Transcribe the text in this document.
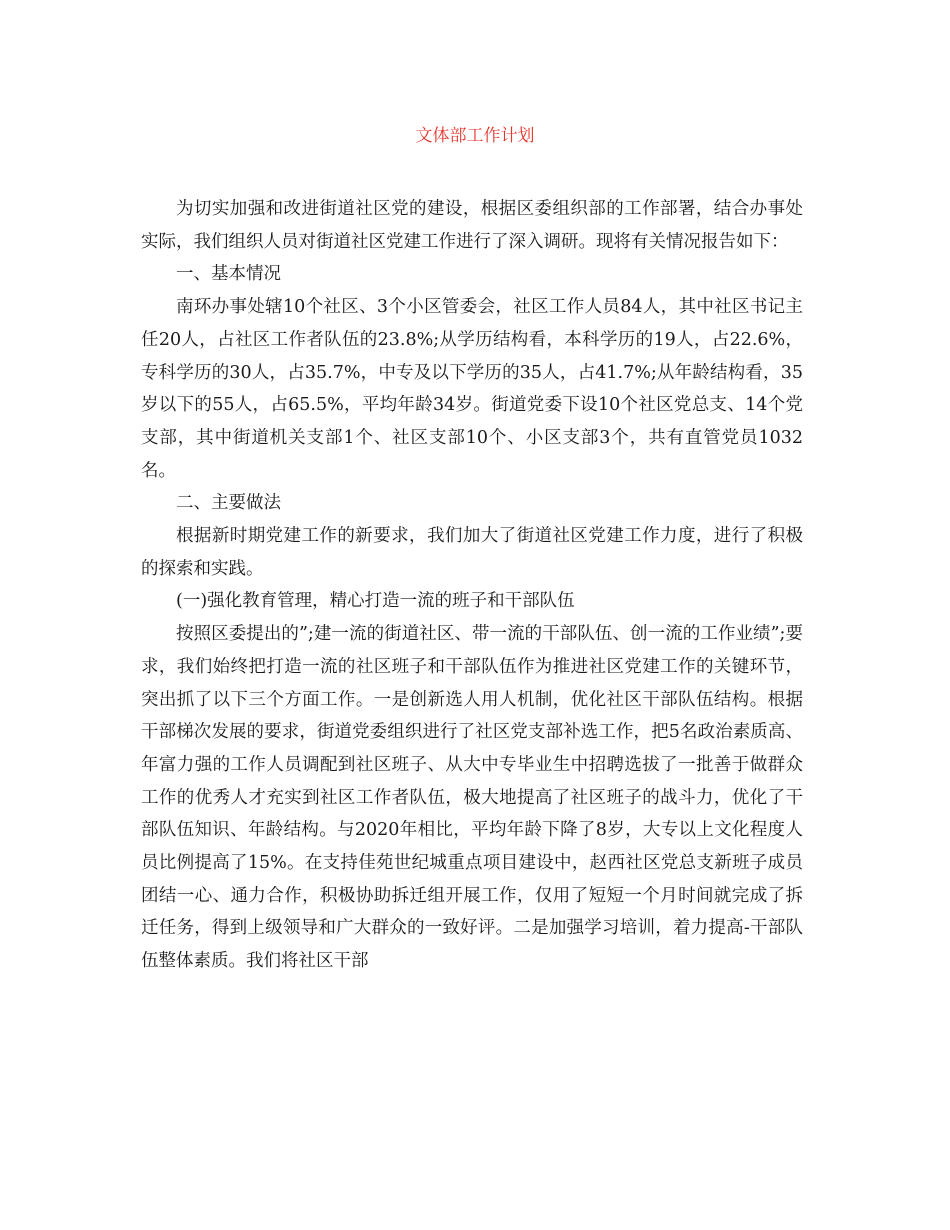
文体部工作计划

为切实加强和改进街道社区党的建设，根据区委组织部的工作部署，结合办事处实际，我们组织人员对街道社区党建工作进行了深入调研。现将有关情况报告如下：

一、基本情况

南环办事处辖10个社区、3个小区管委会，社区工作人员84人，其中社区书记主任20人，占社区工作者队伍的23.8%;从学历结构看，本科学历的19人，占22.6%，专科学历的30人，占35.7%，中专及以下学历的35人，占41.7%;从年龄结构看，35岁以下的55人，占65.5%，平均年龄34岁。街道党委下设10个社区党总支、14个党支部，其中街道机关支部1个、社区支部10个、小区支部3个，共有直管党员1032名。

二、主要做法

根据新时期党建工作的新要求，我们加大了街道社区党建工作力度，进行了积极的探索和实践。

(一)强化教育管理，精心打造一流的班子和干部队伍

按照区委提出的”;建一流的街道社区、带一流的干部队伍、创一流的工作业绩”;要求，我们始终把打造一流的社区班子和干部队伍作为推进社区党建工作的关键环节，突出抓了以下三个方面工作。一是创新选人用人机制，优化社区干部队伍结构。根据干部梯次发展的要求，街道党委组织进行了社区党支部补选工作，把5名政治素质高、年富力强的工作人员调配到社区班子、从大中专毕业生中招聘选拔了一批善于做群众工作的优秀人才充实到社区工作者队伍，极大地提高了社区班子的战斗力，优化了干部队伍知识、年龄结构。与2020年相比，平均年龄下降了8岁，大专以上文化程度人员比例提高了15%。在支持佳苑世纪城重点项目建设中，赵西社区党总支新班子成员团结一心、通力合作，积极协助拆迁组开展工作，仅用了短短一个月时间就完成了拆迁任务，得到上级领导和广大群众的一致好评。二是加强学习培训，着力提高-干部队伍整体素质。我们将社区干部
